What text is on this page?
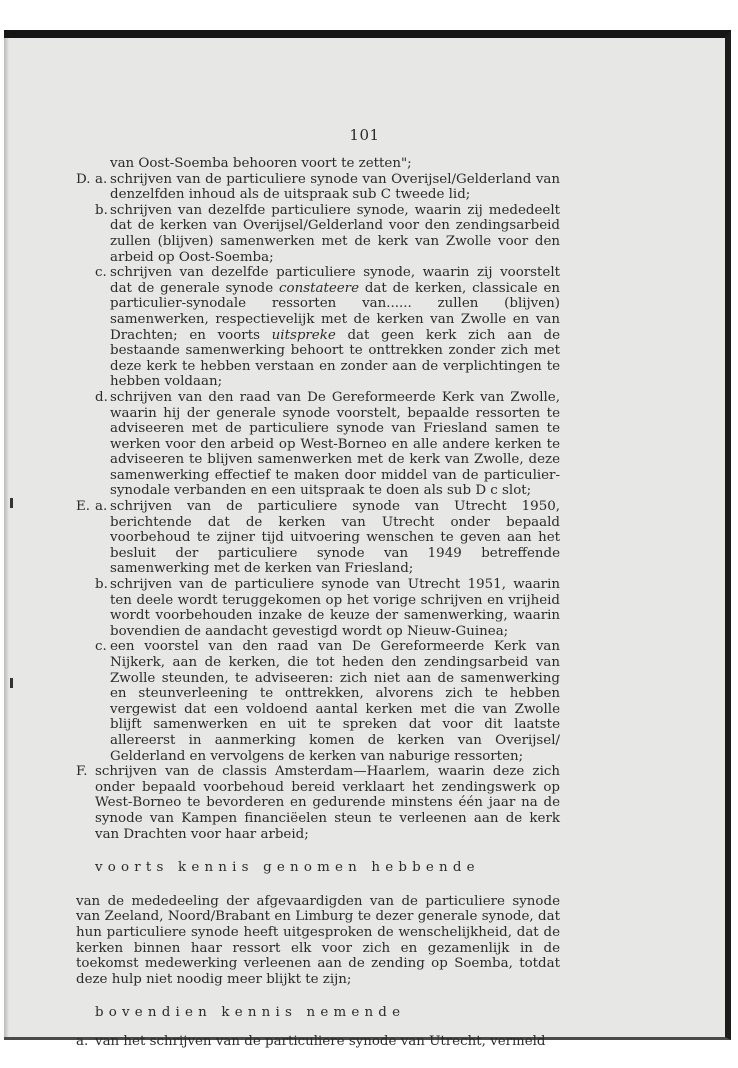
101

van Oost-Soemba behooren voort te zetten";

D. a. schrijven van de particuliere synode van Overijsel/Gelderland van denzelfden inhoud als de uitspraak sub C tweede lid;
b. schrijven van dezelfde particuliere synode, waarin zij mededeelt dat de kerken van Overijsel/Gelderland voor den zendingsarbeid zullen (blijven) samenwerken met de kerk van Zwolle voor den arbeid op Oost-Soemba;
c. schrijven van dezelfde particuliere synode, waarin zij voorstelt dat de generale synode constateere dat de kerken, classicale en particulier-synodale ressorten van...... zullen (blijven) samenwerken, respectievelijk met de kerken van Zwolle en van Drachten; en voorts uitspreke dat geen kerk zich aan de bestaande samenwerking behoort te onttrekken zonder zich met deze kerk te hebben verstaan en zonder aan de verplichtingen te hebben voldaan;
d. schrijven van den raad van De Gereformeerde Kerk van Zwolle, waarin hij der generale synode voorstelt, bepaalde ressorten te adviseeren met de particuliere synode van Friesland samen te werken voor den arbeid op West-Borneo en alle andere kerken te adviseeren te blijven samenwerken met de kerk van Zwolle, deze samenwerking effectief te maken door middel van de particulier-synodale verbanden en een uitspraak te doen als sub D c slot;
E. a. schrijven van de particuliere synode van Utrecht 1950, berichtende dat de kerken van Utrecht onder bepaald voorbehoud te zijner tijd uitvoering wenschen te geven aan het besluit der particuliere synode van 1949 betreffende samenwerking met de kerken van Friesland;
b. schrijven van de particuliere synode van Utrecht 1951, waarin ten deele wordt teruggekomen op het vorige schrijven en vrijheid wordt voorbehouden inzake de keuze der samenwerking, waarin bovendien de aandacht gevestigd wordt op Nieuw-Guinea;
c. een voorstel van den raad van De Gereformeerde Kerk van Nijkerk, aan de kerken, die tot heden den zendingsarbeid van Zwolle steunden, te adviseeren: zich niet aan de samenwerking en steunverleening te onttrekken, alvorens zich te hebben vergewist dat een voldoend aantal kerken met die van Zwolle blijft samenwerken en uit te spreken dat voor dit laatste allereerst in aanmerking komen de kerken van Overijsel/ Gelderland en vervolgens de kerken van naburige ressorten;
F. schrijven van de classis Amsterdam—Haarlem, waarin deze zich onder bepaald voorbehoud bereid verklaart het zendingswerk op West-Borneo te bevorderen en gedurende minstens één jaar na de synode van Kampen financiëelen steun te verleenen aan de kerk van Drachten voor haar arbeid;

voorts kennis genomen hebbende

van de mededeeling der afgevaardigden van de particuliere synode van Zeeland, Noord/Brabant en Limburg te dezer generale synode, dat hun particuliere synode heeft uitgesproken de wenschelijkheid, dat de kerken binnen haar ressort elk voor zich en gezamenlijk in de toekomst medewerking verleenen aan de zending op Soemba, totdat deze hulp niet noodig meer blijkt te zijn;

bovendien kennis nemende

a. van het schrijven van de particuliere synode van Utrecht, vermeld
